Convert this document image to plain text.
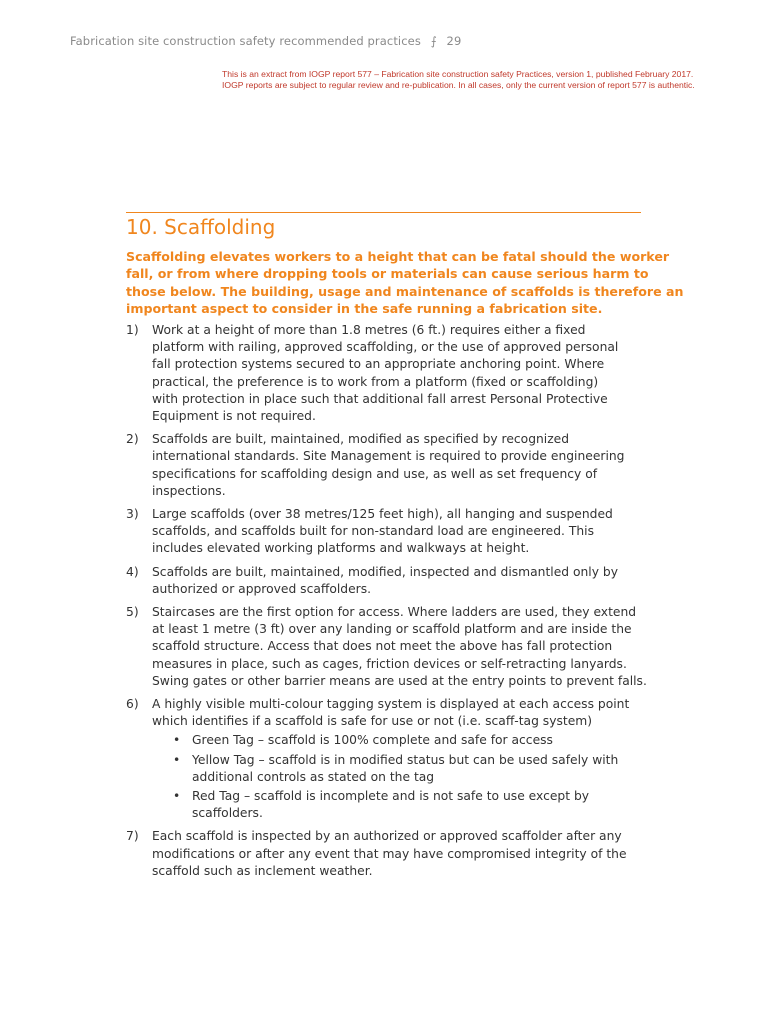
Fabrication site construction safety recommended practices ⨍ 29
This is an extract from IOGP report 577 – Fabrication site construction safety Practices, version 1, published February 2017.
IOGP reports are subject to regular review and re-publication. In all cases, only the current version of report 577 is authentic.
10. Scaffolding
Scaffolding elevates workers to a height that can be fatal should the worker
fall, or from where dropping tools or materials can cause serious harm to
those below. The building, usage and maintenance of scaffolds is therefore an
important aspect to consider in the safe running a fabrication site.
1) Work at a height of more than 1.8 metres (6 ft.) requires either a fixed
platform with railing, approved scaffolding, or the use of approved personal
fall protection systems secured to an appropriate anchoring point. Where
practical, the preference is to work from a platform (fixed or scaffolding)
with protection in place such that additional fall arrest Personal Protective
Equipment is not required.
2) Scaffolds are built, maintained, modified as specified by recognized
international standards. Site Management is required to provide engineering
specifications for scaffolding design and use, as well as set frequency of
inspections.
3) Large scaffolds (over 38 metres/125 feet high), all hanging and suspended
scaffolds, and scaffolds built for non-standard load are engineered. This
includes elevated working platforms and walkways at height.
4) Scaffolds are built, maintained, modified, inspected and dismantled only by
authorized or approved scaffolders.
5) Staircases are the first option for access. Where ladders are used, they extend
at least 1 metre (3 ft) over any landing or scaffold platform and are inside the
scaffold structure. Access that does not meet the above has fall protection
measures in place, such as cages, friction devices or self-retracting lanyards.
Swing gates or other barrier means are used at the entry points to prevent falls.
6) A highly visible multi-colour tagging system is displayed at each access point
which identifies if a scaffold is safe for use or not (i.e. scaff-tag system)
• Green Tag – scaffold is 100% complete and safe for access
• Yellow Tag – scaffold is in modified status but can be used safely with
additional controls as stated on the tag
• Red Tag – scaffold is incomplete and is not safe to use except by
scaffolders.
7) Each scaffold is inspected by an authorized or approved scaffolder after any
modifications or after any event that may have compromised integrity of the
scaffold such as inclement weather.
